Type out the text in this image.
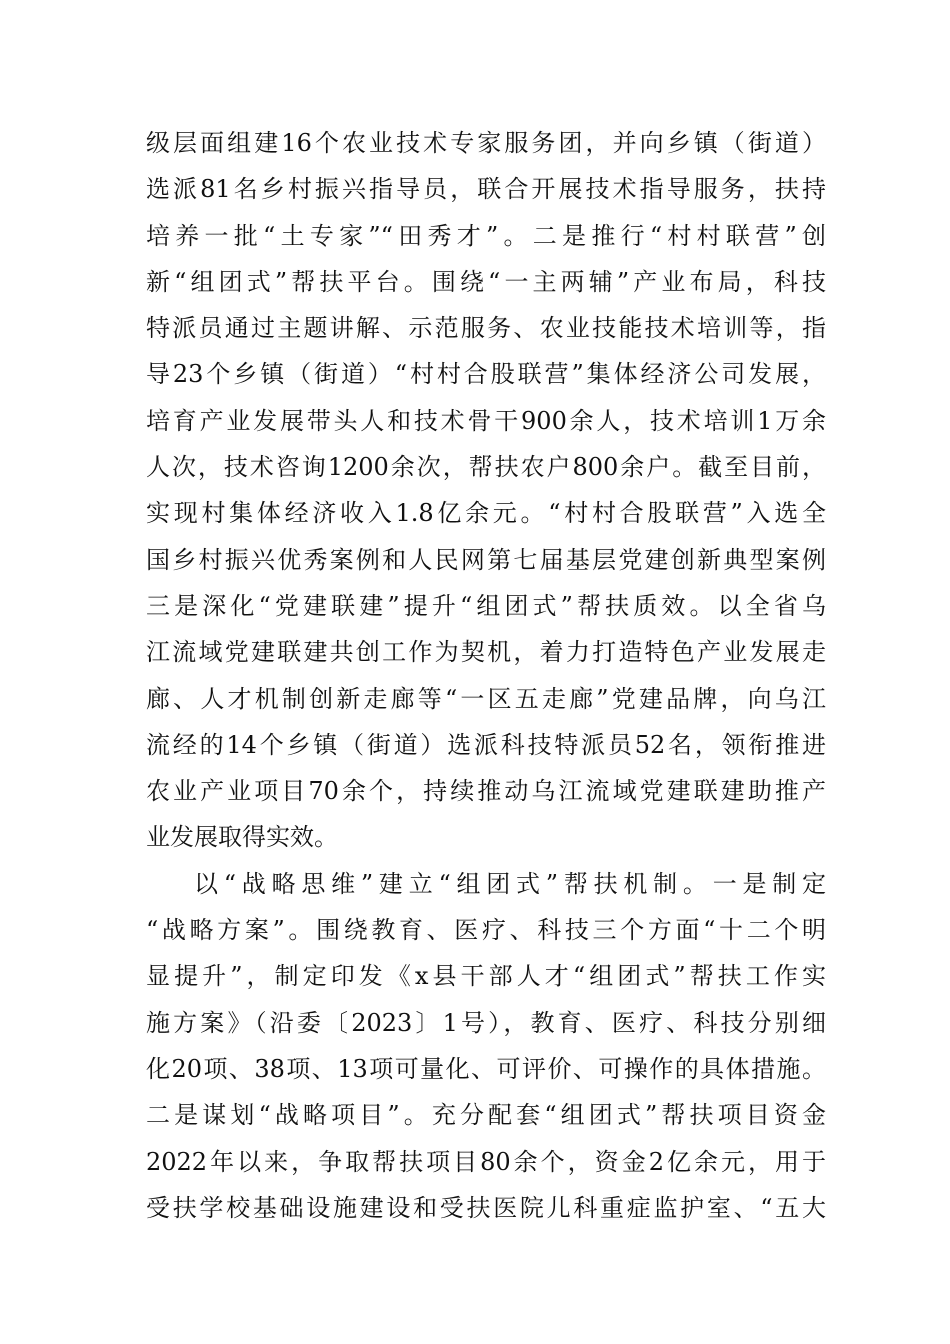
级层面组建16个农业技术专家服务团，并向乡镇（街道）
选派81名乡村振兴指导员，联合开展技术指导服务，扶持
培养一批“土专家”“田秀才”。二是推行“村村联营”创
新“组团式”帮扶平台。围绕“一主两辅”产业布局，科技
特派员通过主题讲解、示范服务、农业技能技术培训等，指
导23个乡镇（街道）“村村合股联营”集体经济公司发展，
培育产业发展带头人和技术骨干900余人，技术培训1万余
人次，技术咨询1200余次，帮扶农户800余户。截至目前，
实现村集体经济收入1.8亿余元。“村村合股联营”入选全
国乡村振兴优秀案例和人民网第七届基层党建创新典型案例
三是深化“党建联建”提升“组团式”帮扶质效。以全省乌
江流域党建联建共创工作为契机，着力打造特色产业发展走
廊、人才机制创新走廊等“一区五走廊”党建品牌，向乌江
流经的14个乡镇（街道）选派科技特派员52名，领衔推进
农业产业项目70余个，持续推动乌江流域党建联建助推产
业发展取得实效。
以“战略思维”建立“组团式”帮扶机制。一是制定
“战略方案”。围绕教育、医疗、科技三个方面“十二个明
显提升”，制定印发《x县干部人才“组团式”帮扶工作实
施方案》（沿委〔2023〕1号），教育、医疗、科技分别细
化20项、38项、13项可量化、可评价、可操作的具体措施。
二是谋划“战略项目”。充分配套“组团式”帮扶项目资金
2022年以来，争取帮扶项目80余个，资金2亿余元，用于
受扶学校基础设施建设和受扶医院儿科重症监护室、“五大
